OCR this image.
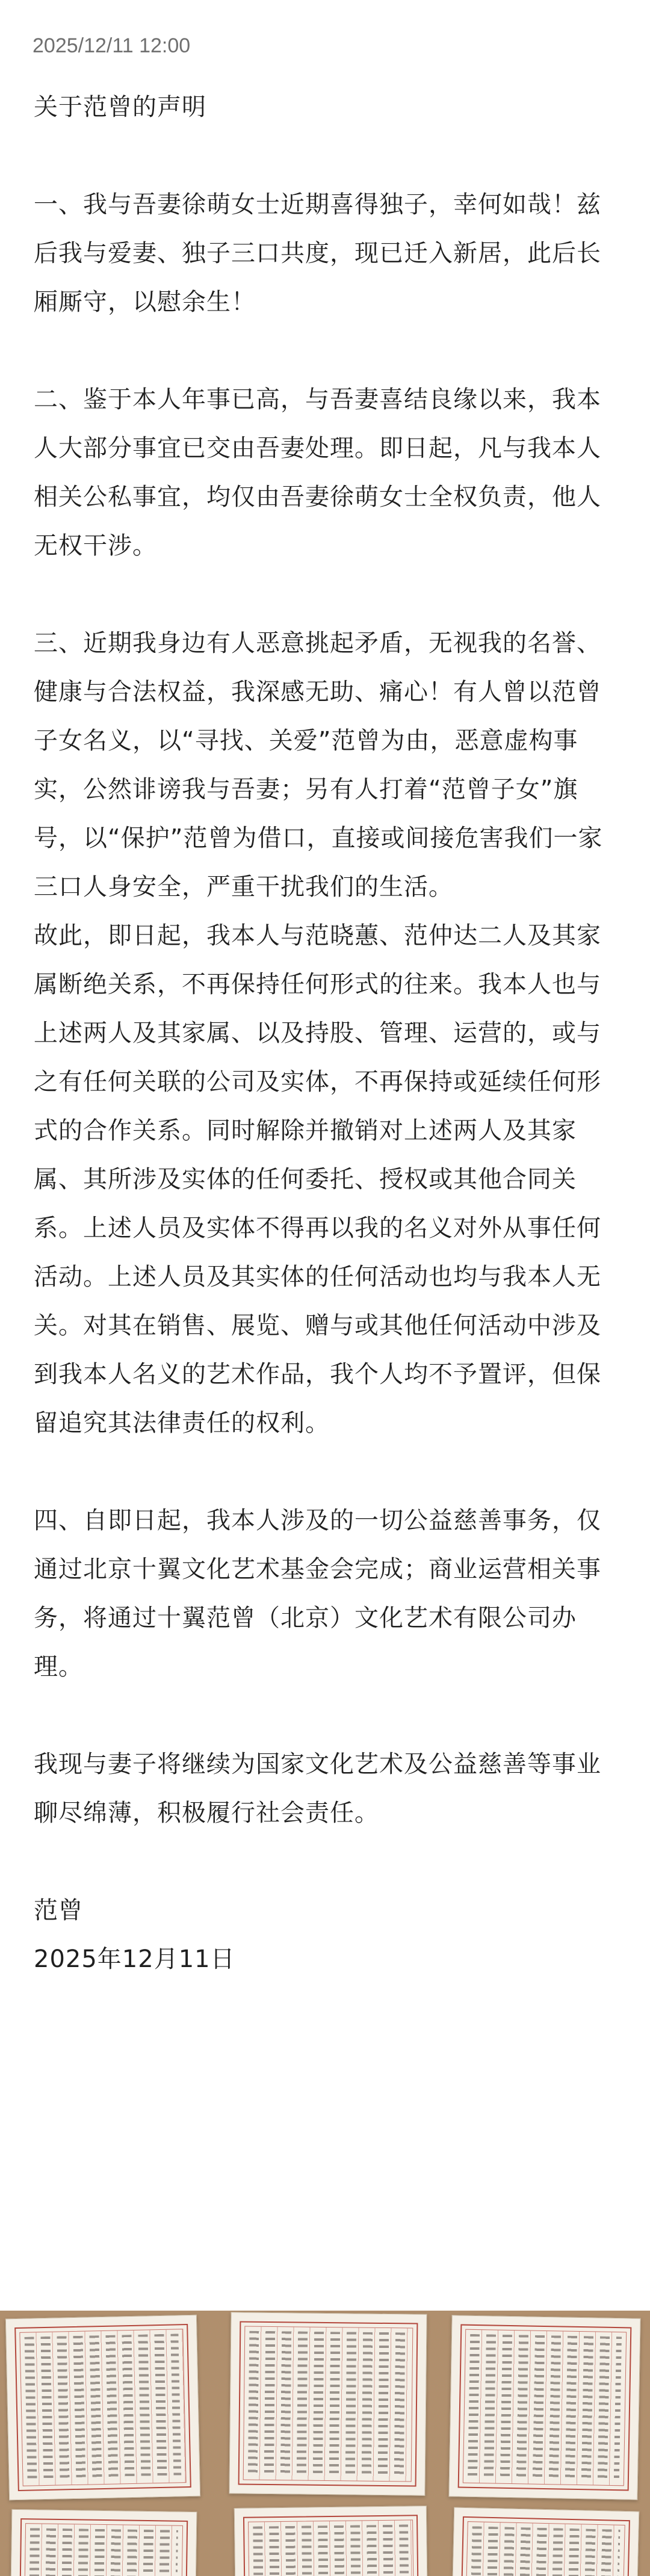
2025/12/11 12:00

关于范曾的声明

一、我与吾妻徐萌女士近期喜得独子，幸何如哉！兹后我与爱妻、独子三口共度，现已迁入新居，此后长厢厮守，以慰余生！

二、鉴于本人年事已高，与吾妻喜结良缘以来，我本人大部分事宜已交由吾妻处理。即日起，凡与我本人相关公私事宜，均仅由吾妻徐萌女士全权负责，他人无权干涉。

三、近期我身边有人恶意挑起矛盾，无视我的名誉、健康与合法权益，我深感无助、痛心！有人曾以范曾子女名义，以“寻找、关爱”范曾为由，恶意虚构事实，公然诽谤我与吾妻；另有人打着“范曾子女”旗号，以“保护”范曾为借口，直接或间接危害我们一家三口人身安全，严重干扰我们的生活。

故此，即日起，我本人与范晓蕙、范仲达二人及其家属断绝关系，不再保持任何形式的往来。我本人也与上述两人及其家属、以及持股、管理、运营的，或与之有任何关联的公司及实体，不再保持或延续任何形式的合作关系。同时解除并撤销对上述两人及其家属、其所涉及实体的任何委托、授权或其他合同关系。上述人员及实体不得再以我的名义对外从事任何活动。上述人员及其实体的任何活动也均与我本人无关。对其在销售、展览、赠与或其他任何活动中涉及到我本人名义的艺术作品，我个人均不予置评，但保留追究其法律责任的权利。

四、自即日起，我本人涉及的一切公益慈善事务，仅通过北京十翼文化艺术基金会完成；商业运营相关事务，将通过十翼范曾（北京）文化艺术有限公司办理。

我现与妻子将继续为国家文化艺术及公益慈善等事业聊尽绵薄，积极履行社会责任。

范曾

2025年12月11日
